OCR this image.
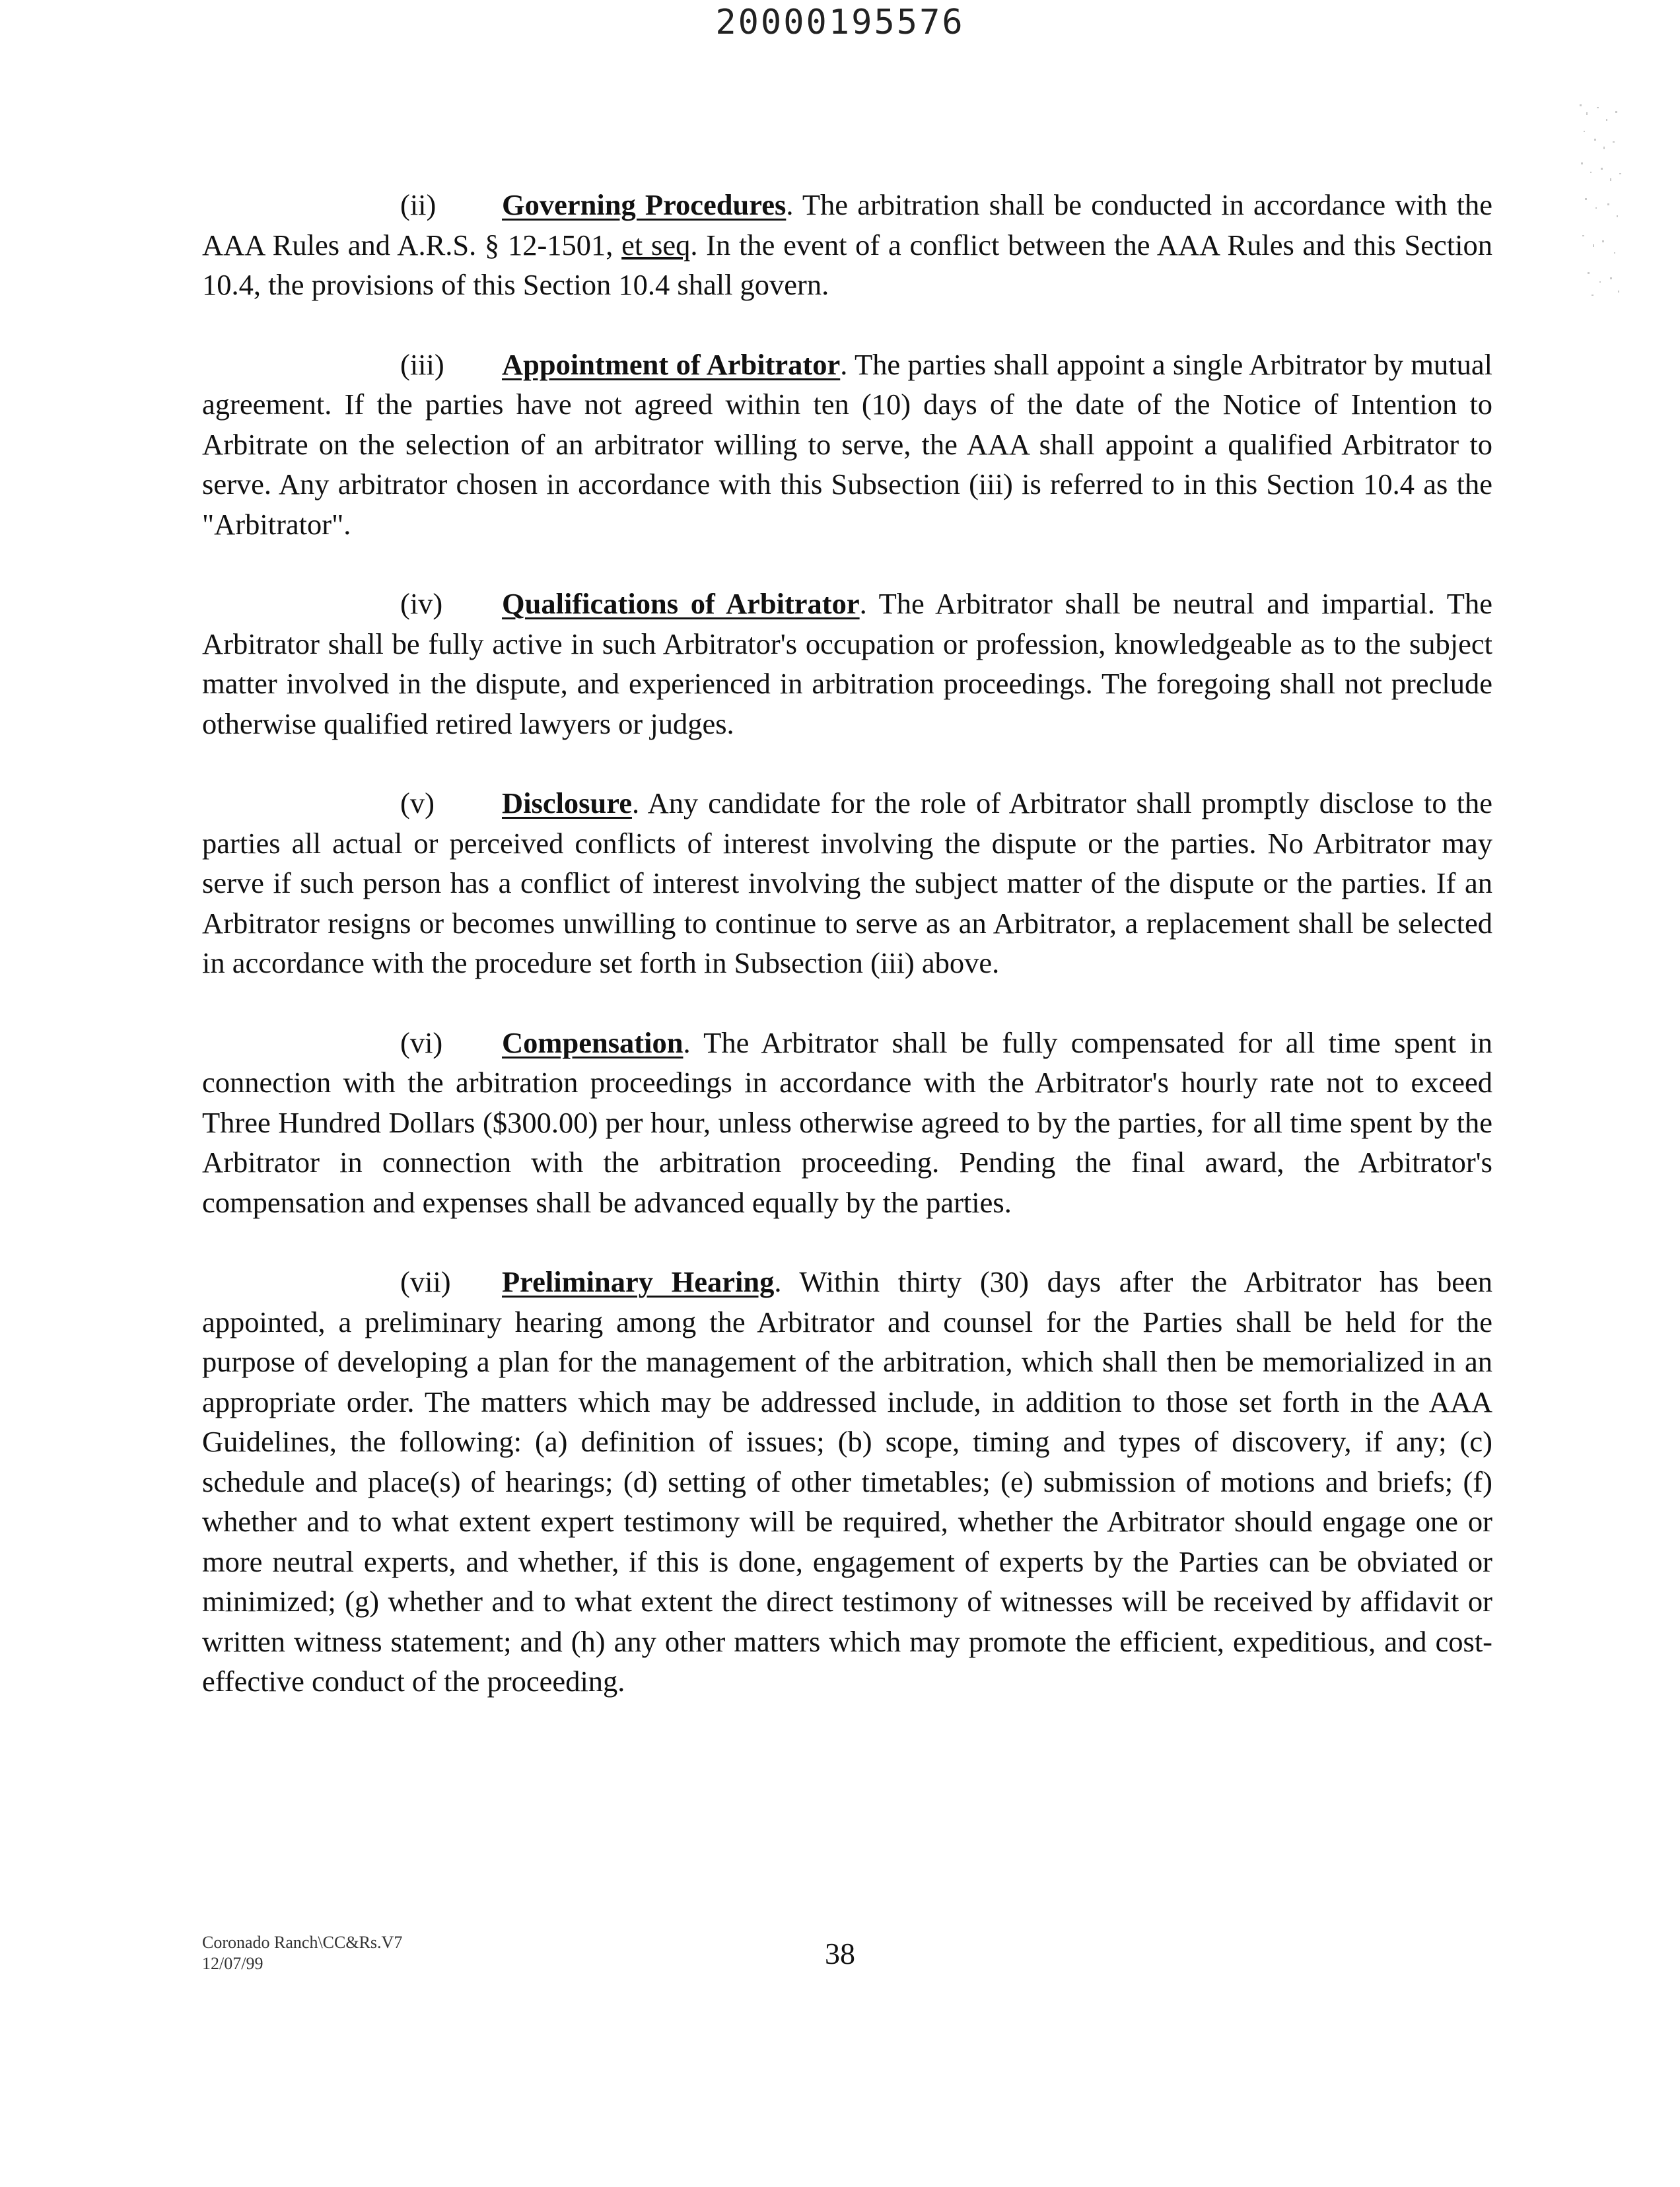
20000195576

(ii) Governing Procedures. The arbitration shall be conducted in accordance with the AAA Rules and A.R.S. § 12-1501, et seq. In the event of a conflict between the AAA Rules and this Section 10.4, the provisions of this Section 10.4 shall govern.

(iii) Appointment of Arbitrator. The parties shall appoint a single Arbitrator by mutual agreement. If the parties have not agreed within ten (10) days of the date of the Notice of Intention to Arbitrate on the selection of an arbitrator willing to serve, the AAA shall appoint a qualified Arbitrator to serve. Any arbitrator chosen in accordance with this Subsection (iii) is referred to in this Section 10.4 as the "Arbitrator".

(iv) Qualifications of Arbitrator. The Arbitrator shall be neutral and impartial. The Arbitrator shall be fully active in such Arbitrator's occupation or profession, knowledgeable as to the subject matter involved in the dispute, and experienced in arbitration proceedings. The foregoing shall not preclude otherwise qualified retired lawyers or judges.

(v) Disclosure. Any candidate for the role of Arbitrator shall promptly disclose to the parties all actual or perceived conflicts of interest involving the dispute or the parties. No Arbitrator may serve if such person has a conflict of interest involving the subject matter of the dispute or the parties. If an Arbitrator resigns or becomes unwilling to continue to serve as an Arbitrator, a replacement shall be selected in accordance with the procedure set forth in Subsection (iii) above.

(vi) Compensation. The Arbitrator shall be fully compensated for all time spent in connection with the arbitration proceedings in accordance with the Arbitrator's hourly rate not to exceed Three Hundred Dollars ($300.00) per hour, unless otherwise agreed to by the parties, for all time spent by the Arbitrator in connection with the arbitration proceeding. Pending the final award, the Arbitrator's compensation and expenses shall be advanced equally by the parties.

(vii) Preliminary Hearing. Within thirty (30) days after the Arbitrator has been appointed, a preliminary hearing among the Arbitrator and counsel for the Parties shall be held for the purpose of developing a plan for the management of the arbitration, which shall then be memorialized in an appropriate order. The matters which may be addressed include, in addition to those set forth in the AAA Guidelines, the following: (a) definition of issues; (b) scope, timing and types of discovery, if any; (c) schedule and place(s) of hearings; (d) setting of other timetables; (e) submission of motions and briefs; (f) whether and to what extent expert testimony will be required, whether the Arbitrator should engage one or more neutral experts, and whether, if this is done, engagement of experts by the Parties can be obviated or minimized; (g) whether and to what extent the direct testimony of witnesses will be received by affidavit or written witness statement; and (h) any other matters which may promote the efficient, expeditious, and cost-effective conduct of the proceeding.

Coronado Ranch\CC&Rs.V7
12/07/99	38
